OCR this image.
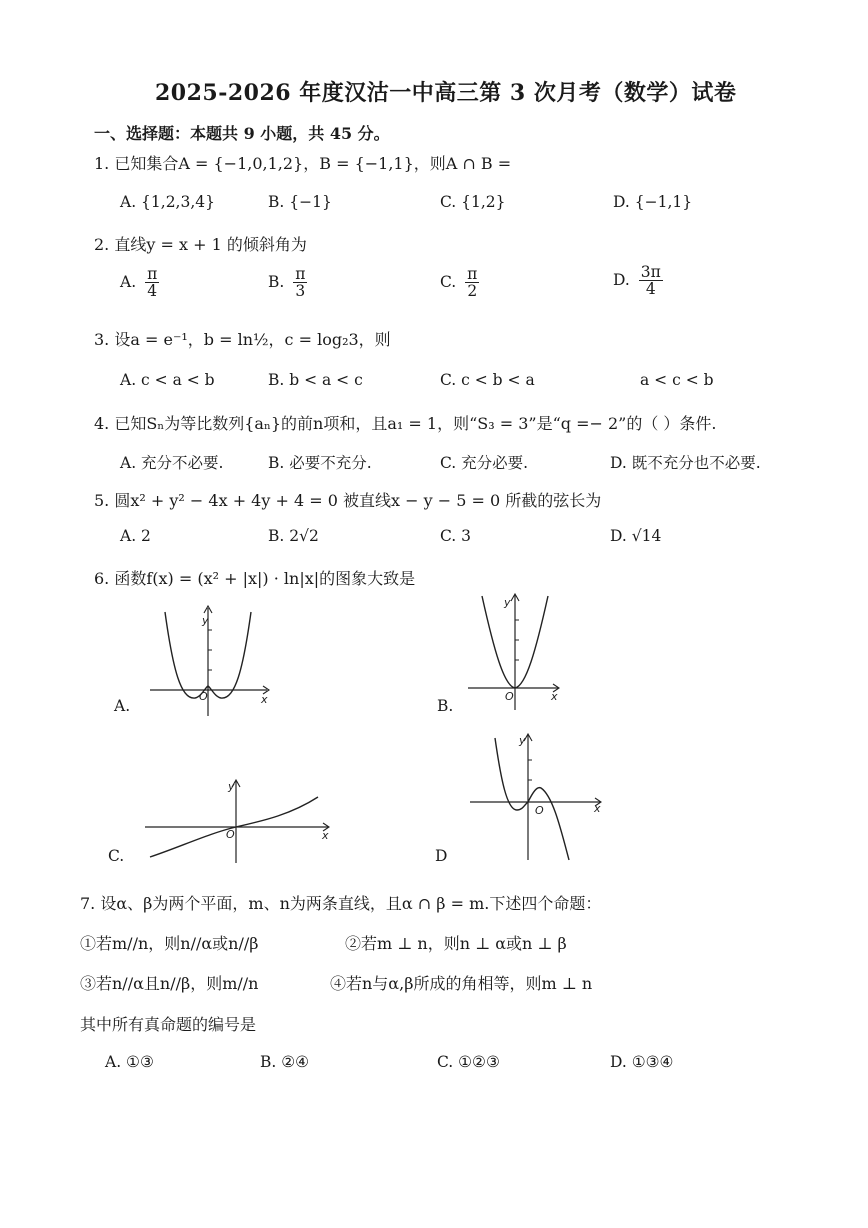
2025-2026 年度汉沽一中高三第 3 次月考（数学）试卷
一、选择题：本题共 9 小题，共 45 分。
1. 已知集合A = {−1,0,1,2}，B = {−1,1}，则A ∩ B =
A. {1,2,3,4}	B. {−1}	C. {1,2}	D. {−1,1}
2. 直线y = x + 1 的倾斜角为
A. $\frac{\pi}{4}$	B. $\frac{\pi}{3}$	C. $\frac{\pi}{2}$	D. $\frac{3\pi}{4}$
3. 设a = e⁻¹，b = ln½，c = log₂3，则
A. c < a < b	B. b < a < c	C. c < b < a	a < c < b
4. 已知Sₙ为等比数列{aₙ}的前n项和，且a₁ = 1，则“S₃ = 3”是“q =− 2”的（ ）条件.
A. 充分不必要.	B. 必要不充分.	C. 充分必要.	D. 既不充分也不必要.
5. 圆x² + y² − 4x + 4y + 4 = 0 被直线x − y − 5 = 0 所截的弦长为
A. 2	B. 2√2	C. 3	D. √14
6. 函数f(x) = (x² + |x|) · ln|x|的图象大致是
A.
y
x
O
B.
y
x
O
C.
y
x
O
D
y
x
O
7. 设α、β为两个平面，m、n为两条直线，且α ∩ β = m.下述四个命题：
①若m//n，则n//α或n//β	②若m ⊥ n，则n ⊥ α或n ⊥ β
③若n//α且n//β，则m//n	④若n与α,β所成的角相等，则m ⊥ n
其中所有真命题的编号是
A. ①③	B. ②④	C. ①②③	D. ①③④
